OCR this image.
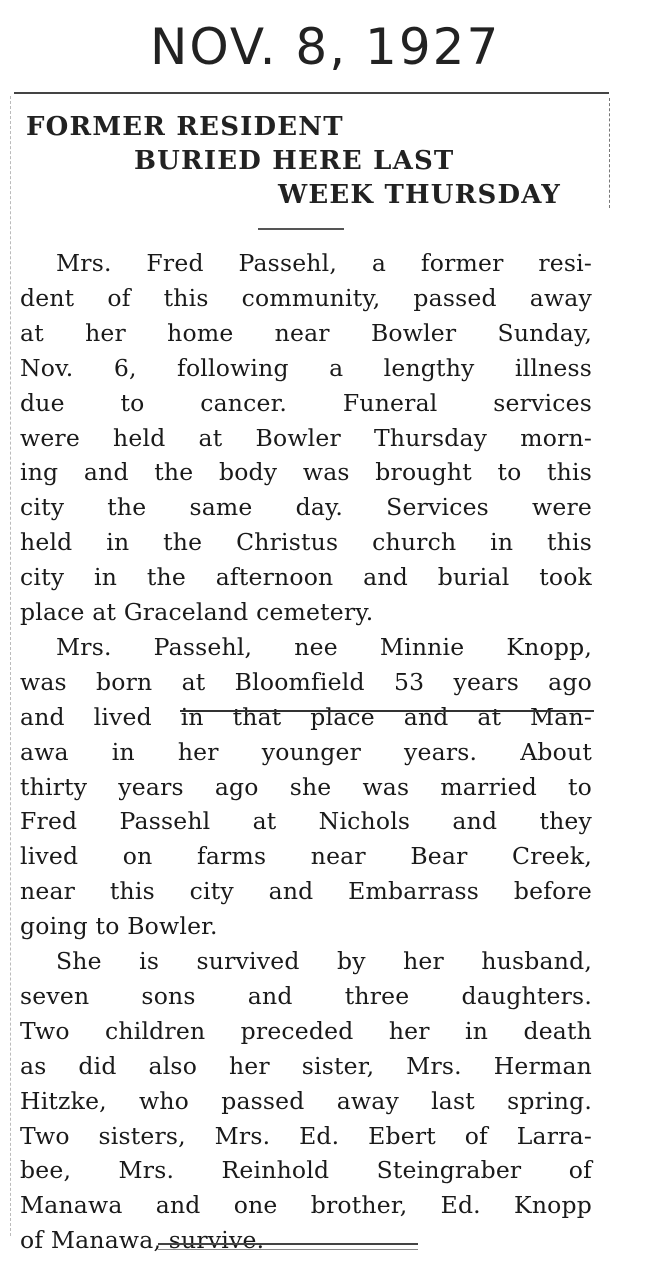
NOV. 8, 1927
FORMER RESIDENT
BURIED HERE LAST
WEEK THURSDAY
Mrs. Fred Passehl, a former resi-
dent of this community, passed away
at her home near Bowler Sunday,
Nov. 6, following a lengthy illness
due to cancer. Funeral services
were held at Bowler Thursday morn-
ing and the body was brought to this
city the same day. Services were
held in the Christus church in this
city in the afternoon and burial took
place at Graceland cemetery.
Mrs. Passehl, nee Minnie Knopp,
was born at Bloomfield 53 years ago
and lived in that place and at Man-
awa in her younger years. About
thirty years ago she was married to
Fred Passehl at Nichols and they
lived on farms near Bear Creek,
near this city and Embarrass before
going to Bowler.
She is survived by her husband,
seven sons and three daughters.
Two children preceded her in death
as did also her sister, Mrs. Herman
Hitzke, who passed away last spring.
Two sisters, Mrs. Ed. Ebert of Larra-
bee, Mrs. Reinhold Steingraber of
Manawa and one brother, Ed. Knopp
of Manawa, survive.
